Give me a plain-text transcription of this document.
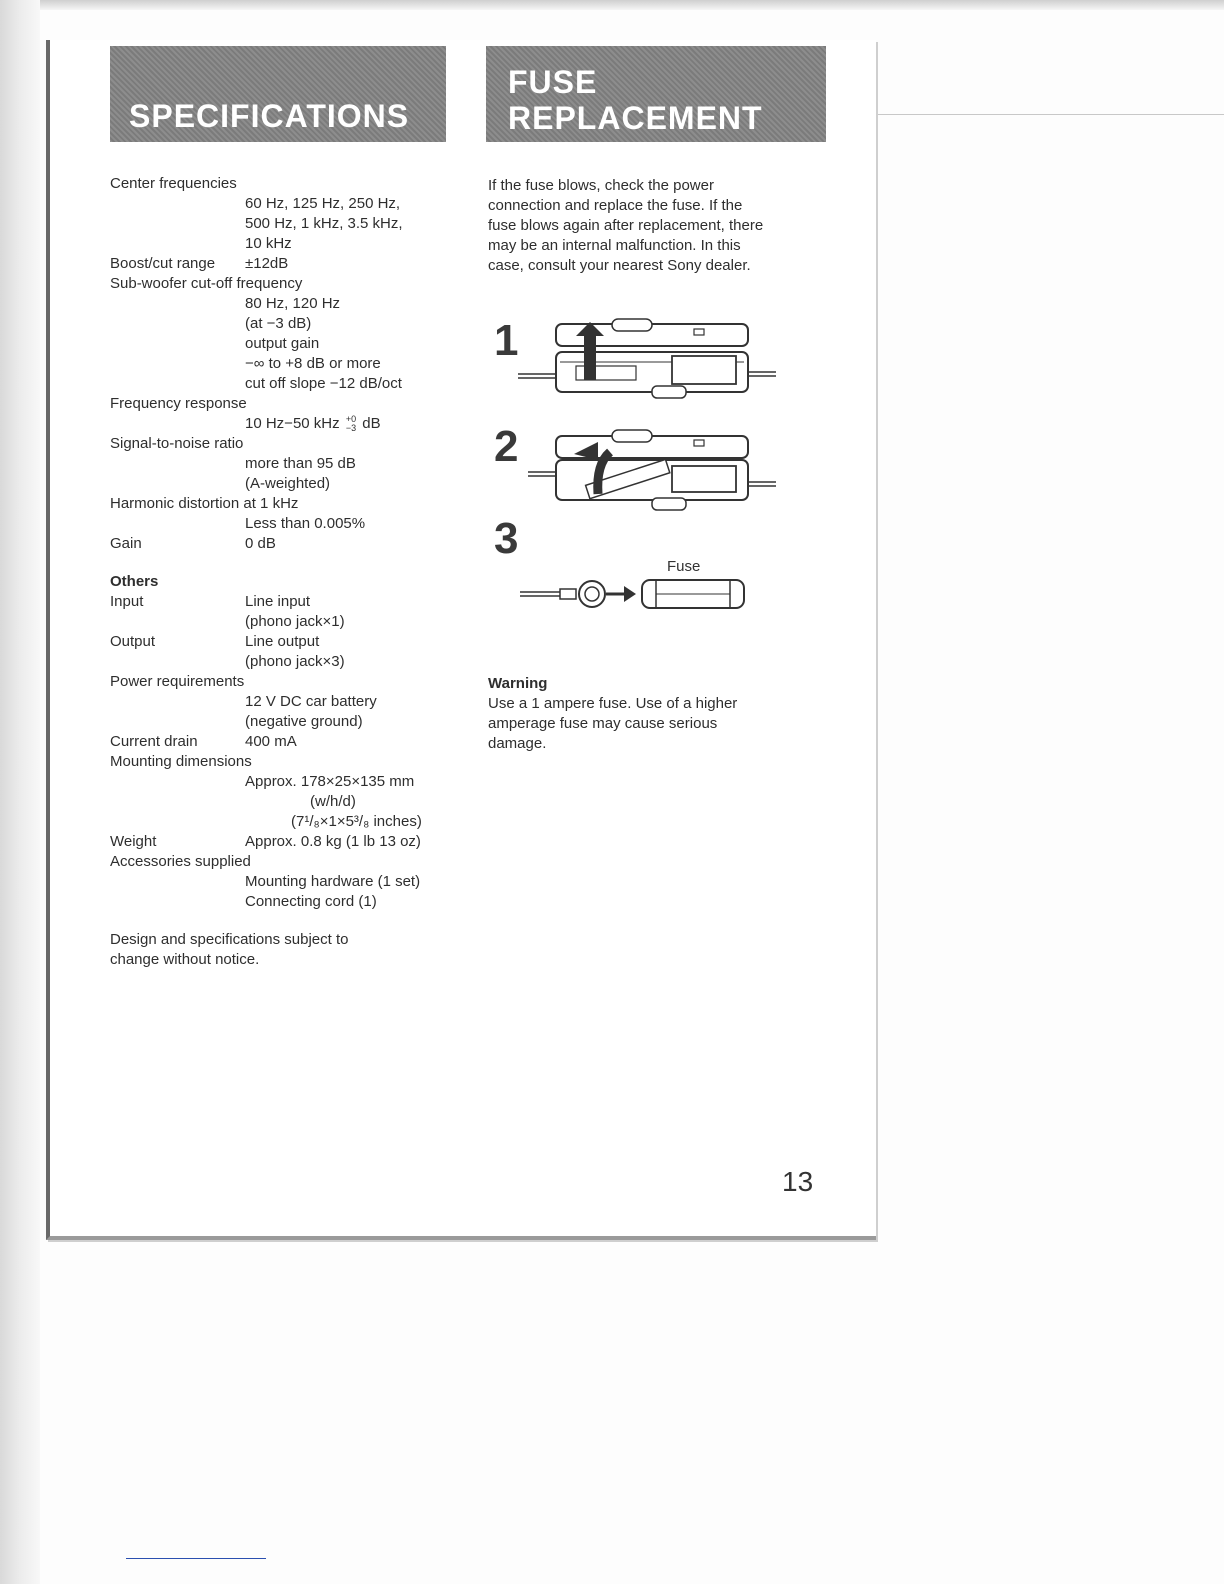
SPECIFICATIONS
FUSE
REPLACEMENT
Center frequencies
60 Hz, 125 Hz, 250 Hz,
500 Hz, 1 kHz, 3.5 kHz,
10 kHz
Boost/cut range ±12dB
Sub-woofer cut-off frequency
80 Hz, 120 Hz
(at −3 dB)
output gain
−∞ to +8 dB or more
cut off slope −12 dB/oct
Frequency response
10 Hz−50 kHz +0
−3 dB
Signal-to-noise ratio
more than 95 dB
(A-weighted)
Harmonic distortion at 1 kHz
Less than 0.005%
Gain	0 dB
Others
Input	Line input
(phono jack×1)
Output	Line output
(phono jack×3)
Power requirements
12 V DC car battery
(negative ground)
Current drain	400 mA
Mounting dimensions
Approx. 178×25×135 mm
(w/h/d)
(7¹/₈×1×5³/₈ inches)
Weight	Approx. 0.8 kg (1 lb 13 oz)
Accessories supplied
Mounting hardware (1 set)
Connecting cord (1)
Design and specifications subject to
change without notice.

If the fuse blows, check the power

connection and replace the fuse. If the

fuse blows again after replacement, there

may be an internal malfunction. In this

case, consult your nearest Sony dealer.

1
2
3
Fuse
Warning
Use a 1 ampere fuse. Use of a higher
amperage fuse may cause serious
damage.
13
